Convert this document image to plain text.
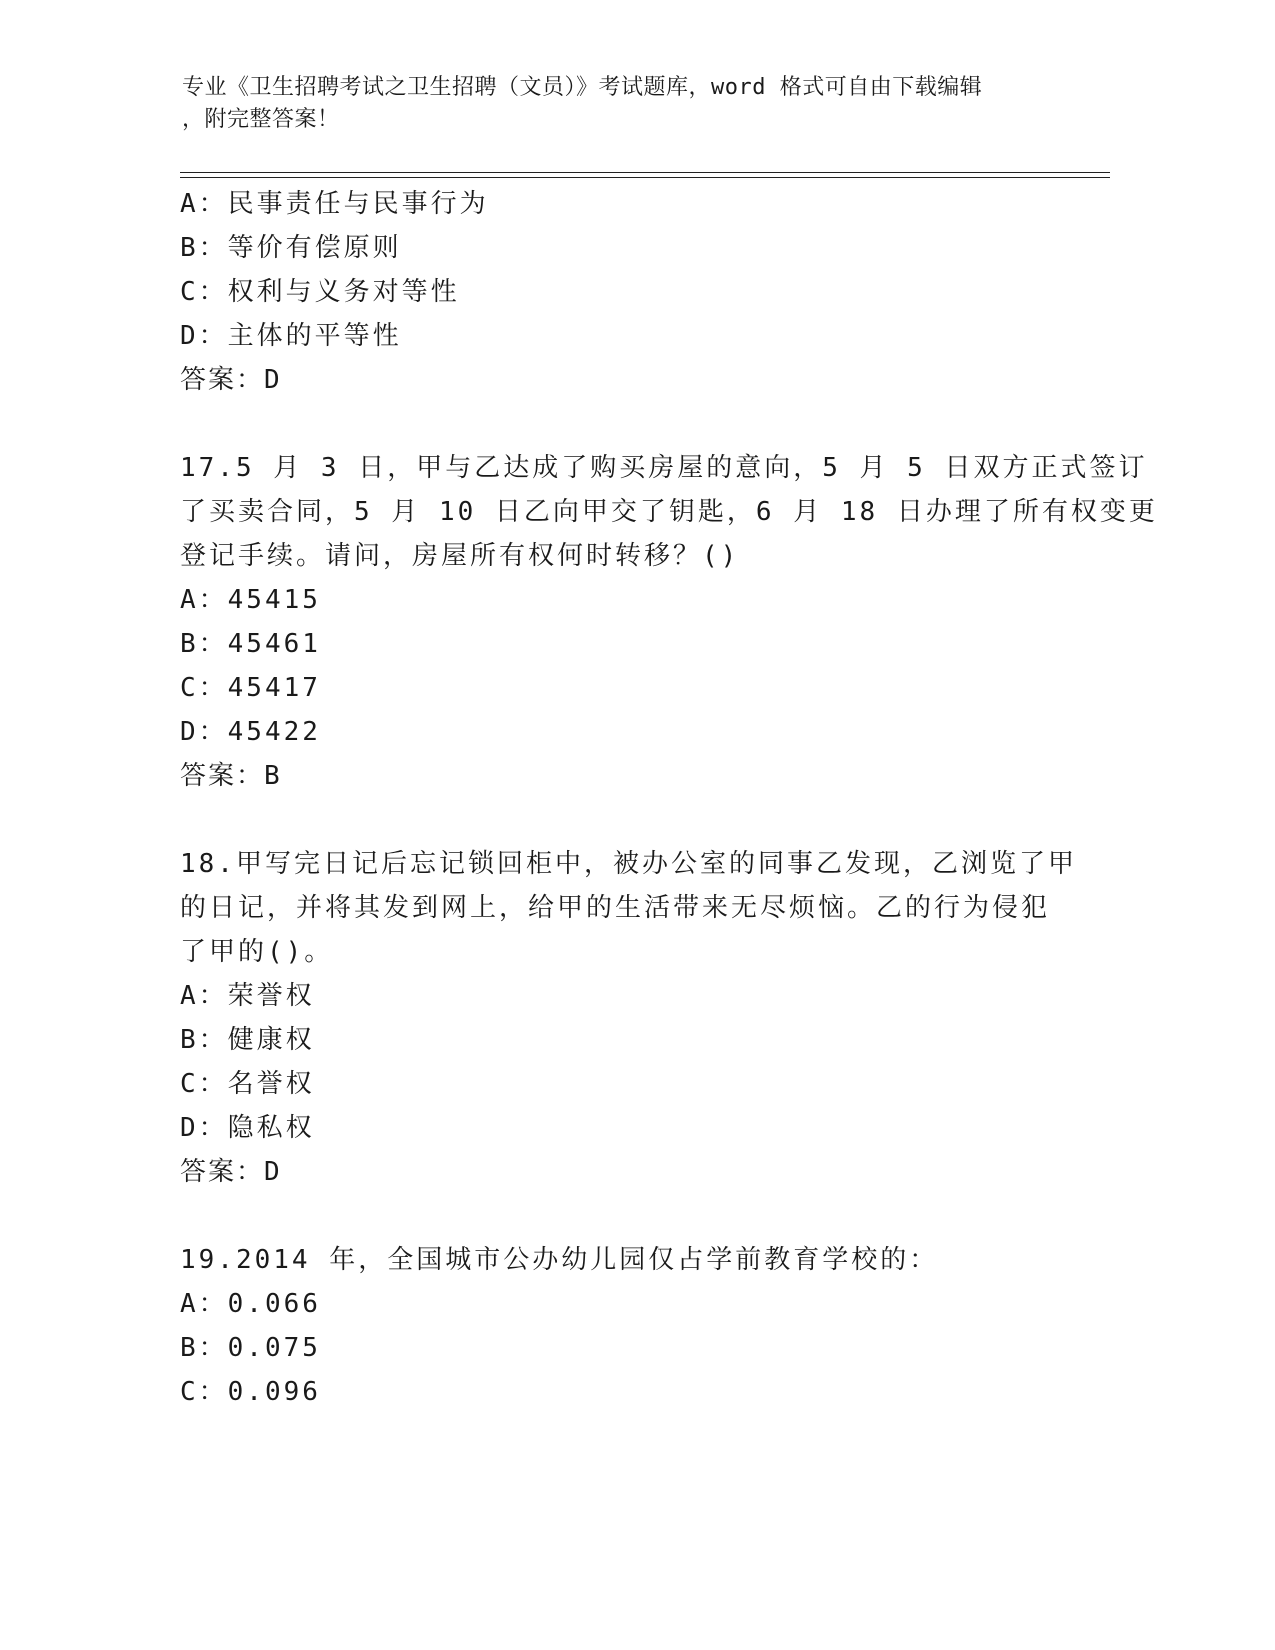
专业《卫生招聘考试之卫生招聘（文员）》考试题库，word 格式可自由下载编辑
，附完整答案！
A：民事责任与民事行为
B：等价有偿原则
C：权利与义务对等性
D：主体的平等性
答案：D
17.5 月 3 日，甲与乙达成了购买房屋的意向，5 月 5 日双方正式签订
了买卖合同，5 月 10 日乙向甲交了钥匙，6 月 18 日办理了所有权变更
登记手续。请问，房屋所有权何时转移？()
A：45415
B：45461
C：45417
D：45422
答案：B
18.甲写完日记后忘记锁回柜中，被办公室的同事乙发现，乙浏览了甲
的日记，并将其发到网上，给甲的生活带来无尽烦恼。乙的行为侵犯
了甲的()。
A：荣誉权
B：健康权
C：名誉权
D：隐私权
答案：D
19.2014 年，全国城市公办幼儿园仅占学前教育学校的：
A：0.066
B：0.075
C：0.096
